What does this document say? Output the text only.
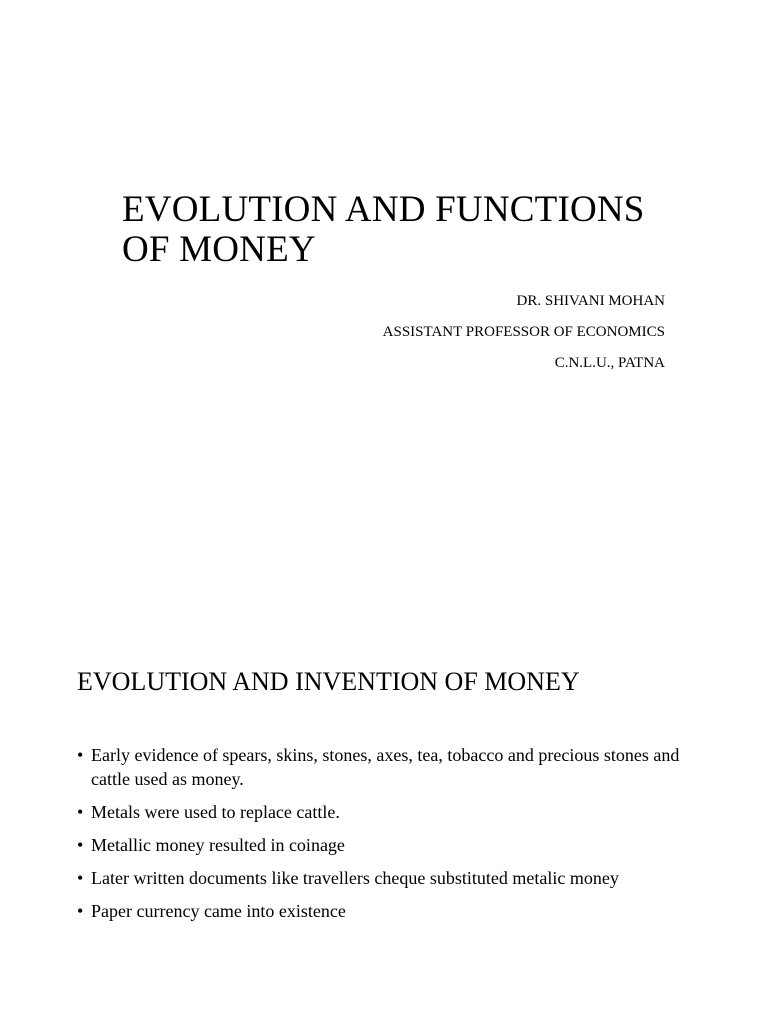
EVOLUTION AND FUNCTIONS
OF MONEY
DR. SHIVANI MOHAN
ASSISTANT PROFESSOR OF ECONOMICS
C.N.L.U., PATNA
EVOLUTION AND INVENTION OF MONEY
• Early evidence of spears, skins, stones, axes, tea, tobacco and precious stones and cattle used as money.
• Metals were used to replace cattle.
• Metallic money resulted in coinage
• Later written documents like travellers cheque substituted metalic money
• Paper currency came into existence
